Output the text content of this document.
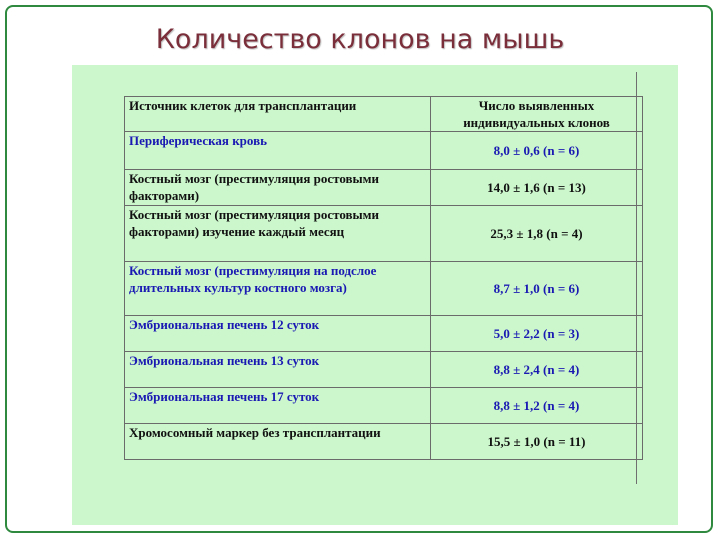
Количество клонов на мышь
Источник клеток для трансплантации	Число выявленных индивидуальных клонов
Периферическая кровь	8,0 ± 0,6 (n = 6)
Костный мозг (престимуляция ростовыми факторами)	14,0 ± 1,6 (n = 13)
Костный мозг (престимуляция ростовыми факторами) изучение каждый месяц	25,3 ± 1,8 (n = 4)
Костный мозг (престимуляция на подслое длительных культур костного мозга)	8,7 ± 1,0 (n = 6)
Эмбриональная печень 12 суток	5,0 ± 2,2 (n = 3)
Эмбриональная печень 13 суток	8,8 ± 2,4 (n = 4)
Эмбриональная печень 17 суток	8,8 ± 1,2 (n = 4)
Хромосомный маркер без трансплантации	15,5 ± 1,0 (n = 11)
